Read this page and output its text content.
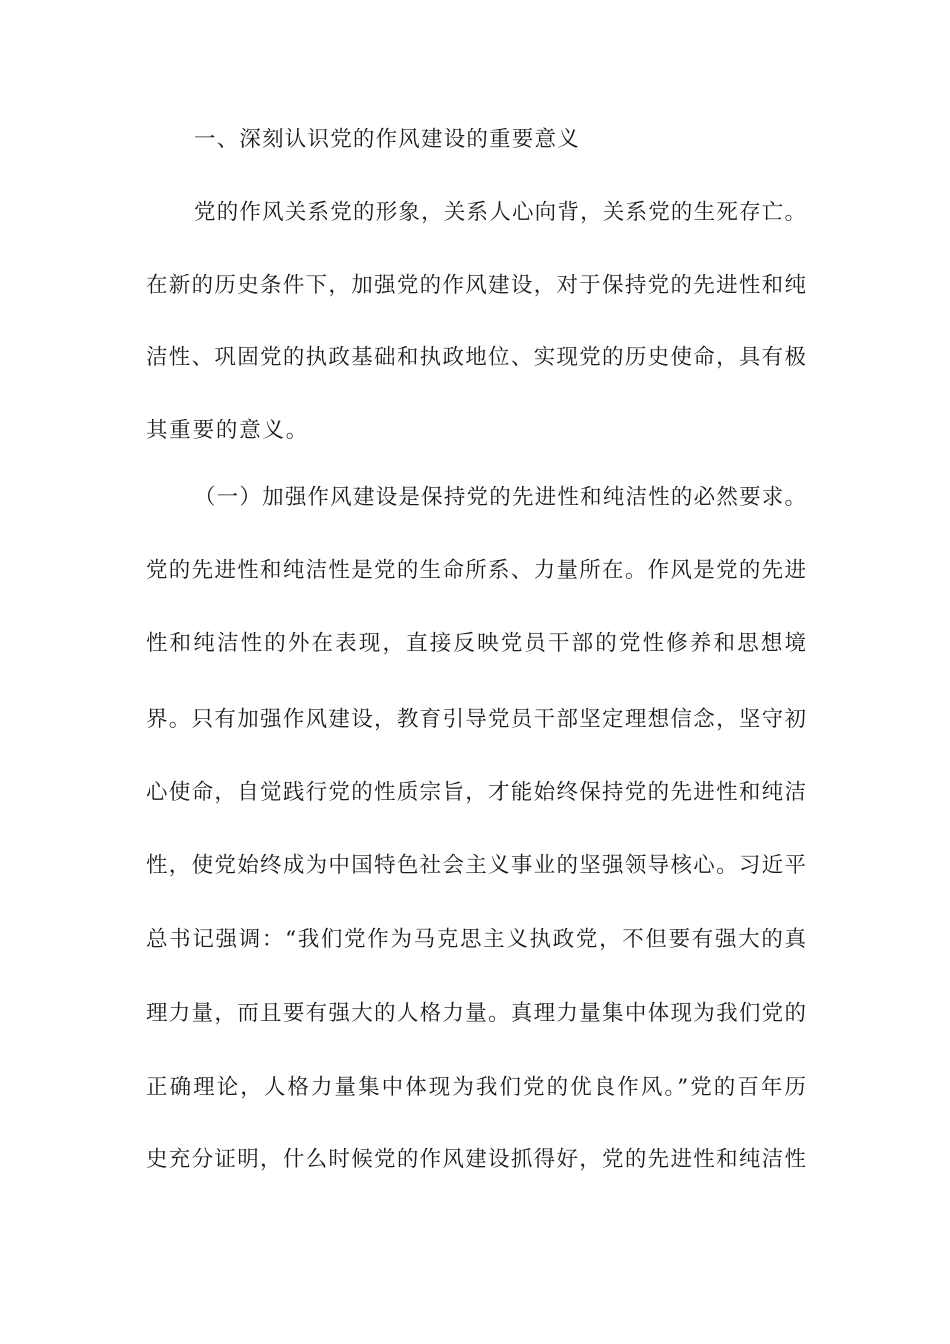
一、深刻认识党的作风建设的重要意义
党的作风关系党的形象，关系人心向背，关系党的生死存亡。
在新的历史条件下，加强党的作风建设，对于保持党的先进性和纯
洁性、巩固党的执政基础和执政地位、实现党的历史使命，具有极
其重要的意义。
（一）加强作风建设是保持党的先进性和纯洁性的必然要求。
党的先进性和纯洁性是党的生命所系、力量所在。作风是党的先进
性和纯洁性的外在表现，直接反映党员干部的党性修养和思想境
界。只有加强作风建设，教育引导党员干部坚定理想信念，坚守初
心使命，自觉践行党的性质宗旨，才能始终保持党的先进性和纯洁
性，使党始终成为中国特色社会主义事业的坚强领导核心。习近平
总书记强调：“我们党作为马克思主义执政党，不但要有强大的真
理力量，而且要有强大的人格力量。真理力量集中体现为我们党的
正确理论，人格力量集中体现为我们党的优良作风。”党的百年历
史充分证明，什么时候党的作风建设抓得好，党的先进性和纯洁性
